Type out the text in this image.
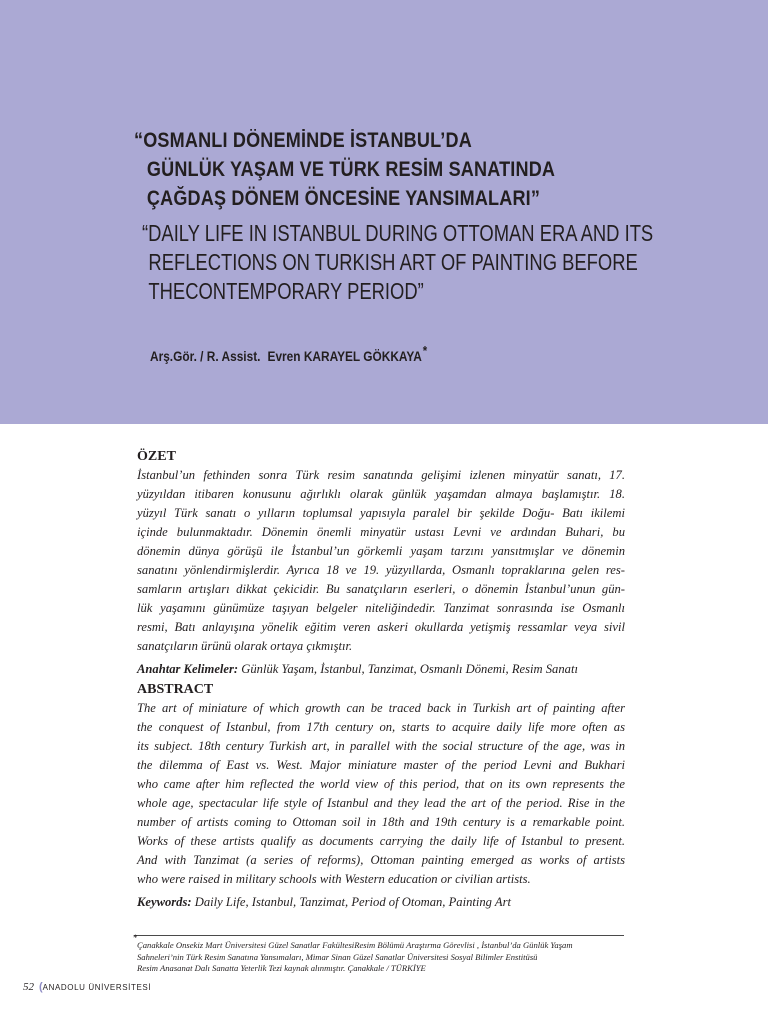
“OSMANLI DÖNEMİNDE İSTANBUL’DA
GÜNLÜK YAŞAM VE TÜRK RESİM SANATINDA
ÇAĞDAŞ DÖNEM ÖNCESİNE YANSIMALARI”
“DAILY LIFE IN ISTANBUL DURING OTTOMAN ERA AND ITS
REFLECTIONS ON TURKISH ART OF PAINTING BEFORE
THECONTEMPORARY PERIOD”
Arş.Gör. / R. Assist. Evren KARAYEL GÖKKAYA*
ÖZET
İstanbul’un fethinden sonra Türk resim sanatında gelişimi izlenen minyatür sanatı, 17.
yüzyıldan itibaren konusunu ağırlıklı olarak günlük yaşamdan almaya başlamıştır. 18.
yüzyıl Türk sanatı o yılların toplumsal yapısıyla paralel bir şekilde Doğu- Batı ikilemi
içinde bulunmaktadır. Dönemin önemli minyatür ustası Levni ve ardından Buhari, bu
dönemin dünya görüşü ile İstanbul’un görkemli yaşam tarzını yansıtmışlar ve dönemin
sanatını yönlendirmişlerdir. Ayrıca 18 ve 19. yüzyıllarda, Osmanlı topraklarına gelen res-
samların artışları dikkat çekicidir. Bu sanatçıların eserleri, o dönemin İstanbul’unun gün-
lük yaşamını günümüze taşıyan belgeler niteliğindedir. Tanzimat sonrasında ise Osmanlı
resmi, Batı anlayışına yönelik eğitim veren askeri okullarda yetişmiş ressamlar veya sivil
sanatçıların ürünü olarak ortaya çıkmıştır.
Anahtar Kelimeler: Günlük Yaşam, İstanbul, Tanzimat, Osmanlı Dönemi, Resim Sanatı
ABSTRACT
The art of miniature of which growth can be traced back in Turkish art of painting after
the conquest of Istanbul, from 17th century on, starts to acquire daily life more often as
its subject. 18th century Turkish art, in parallel with the social structure of the age, was in
the dilemma of East vs. West. Major miniature master of the period Levni and Bukhari
who came after him reflected the world view of this period, that on its own represents the
whole age, spectacular life style of Istanbul and they lead the art of the period. Rise in the
number of artists coming to Ottoman soil in 18th and 19th century is a remarkable point.
Works of these artists qualify as documents carrying the daily life of Istanbul to present.
And with Tanzimat (a series of reforms), Ottoman painting emerged as works of artists
who were raised in military schools with Western education or civilian artists.
Keywords: Daily Life, Istanbul, Tanzimat, Period of Otoman, Painting Art
*
Çanakkale Onsekiz Mart Üniversitesi Güzel Sanatlar FakültesiResim Bölümü Araştırma Görevlisi , İstanbul’da Günlük Yaşam
Sahneleri’nin Türk Resim Sanatına Yansımaları, Mimar Sinan Güzel Sanatlar Üniversitesi Sosyal Bilimler Enstitüsü
Resim Anasanat Dalı Sanatta Yeterlik Tezi kaynak alınmıştır. Çanakkale / TÜRKİYE
52 (ANADOLU ÜNİVERSİTESİ
